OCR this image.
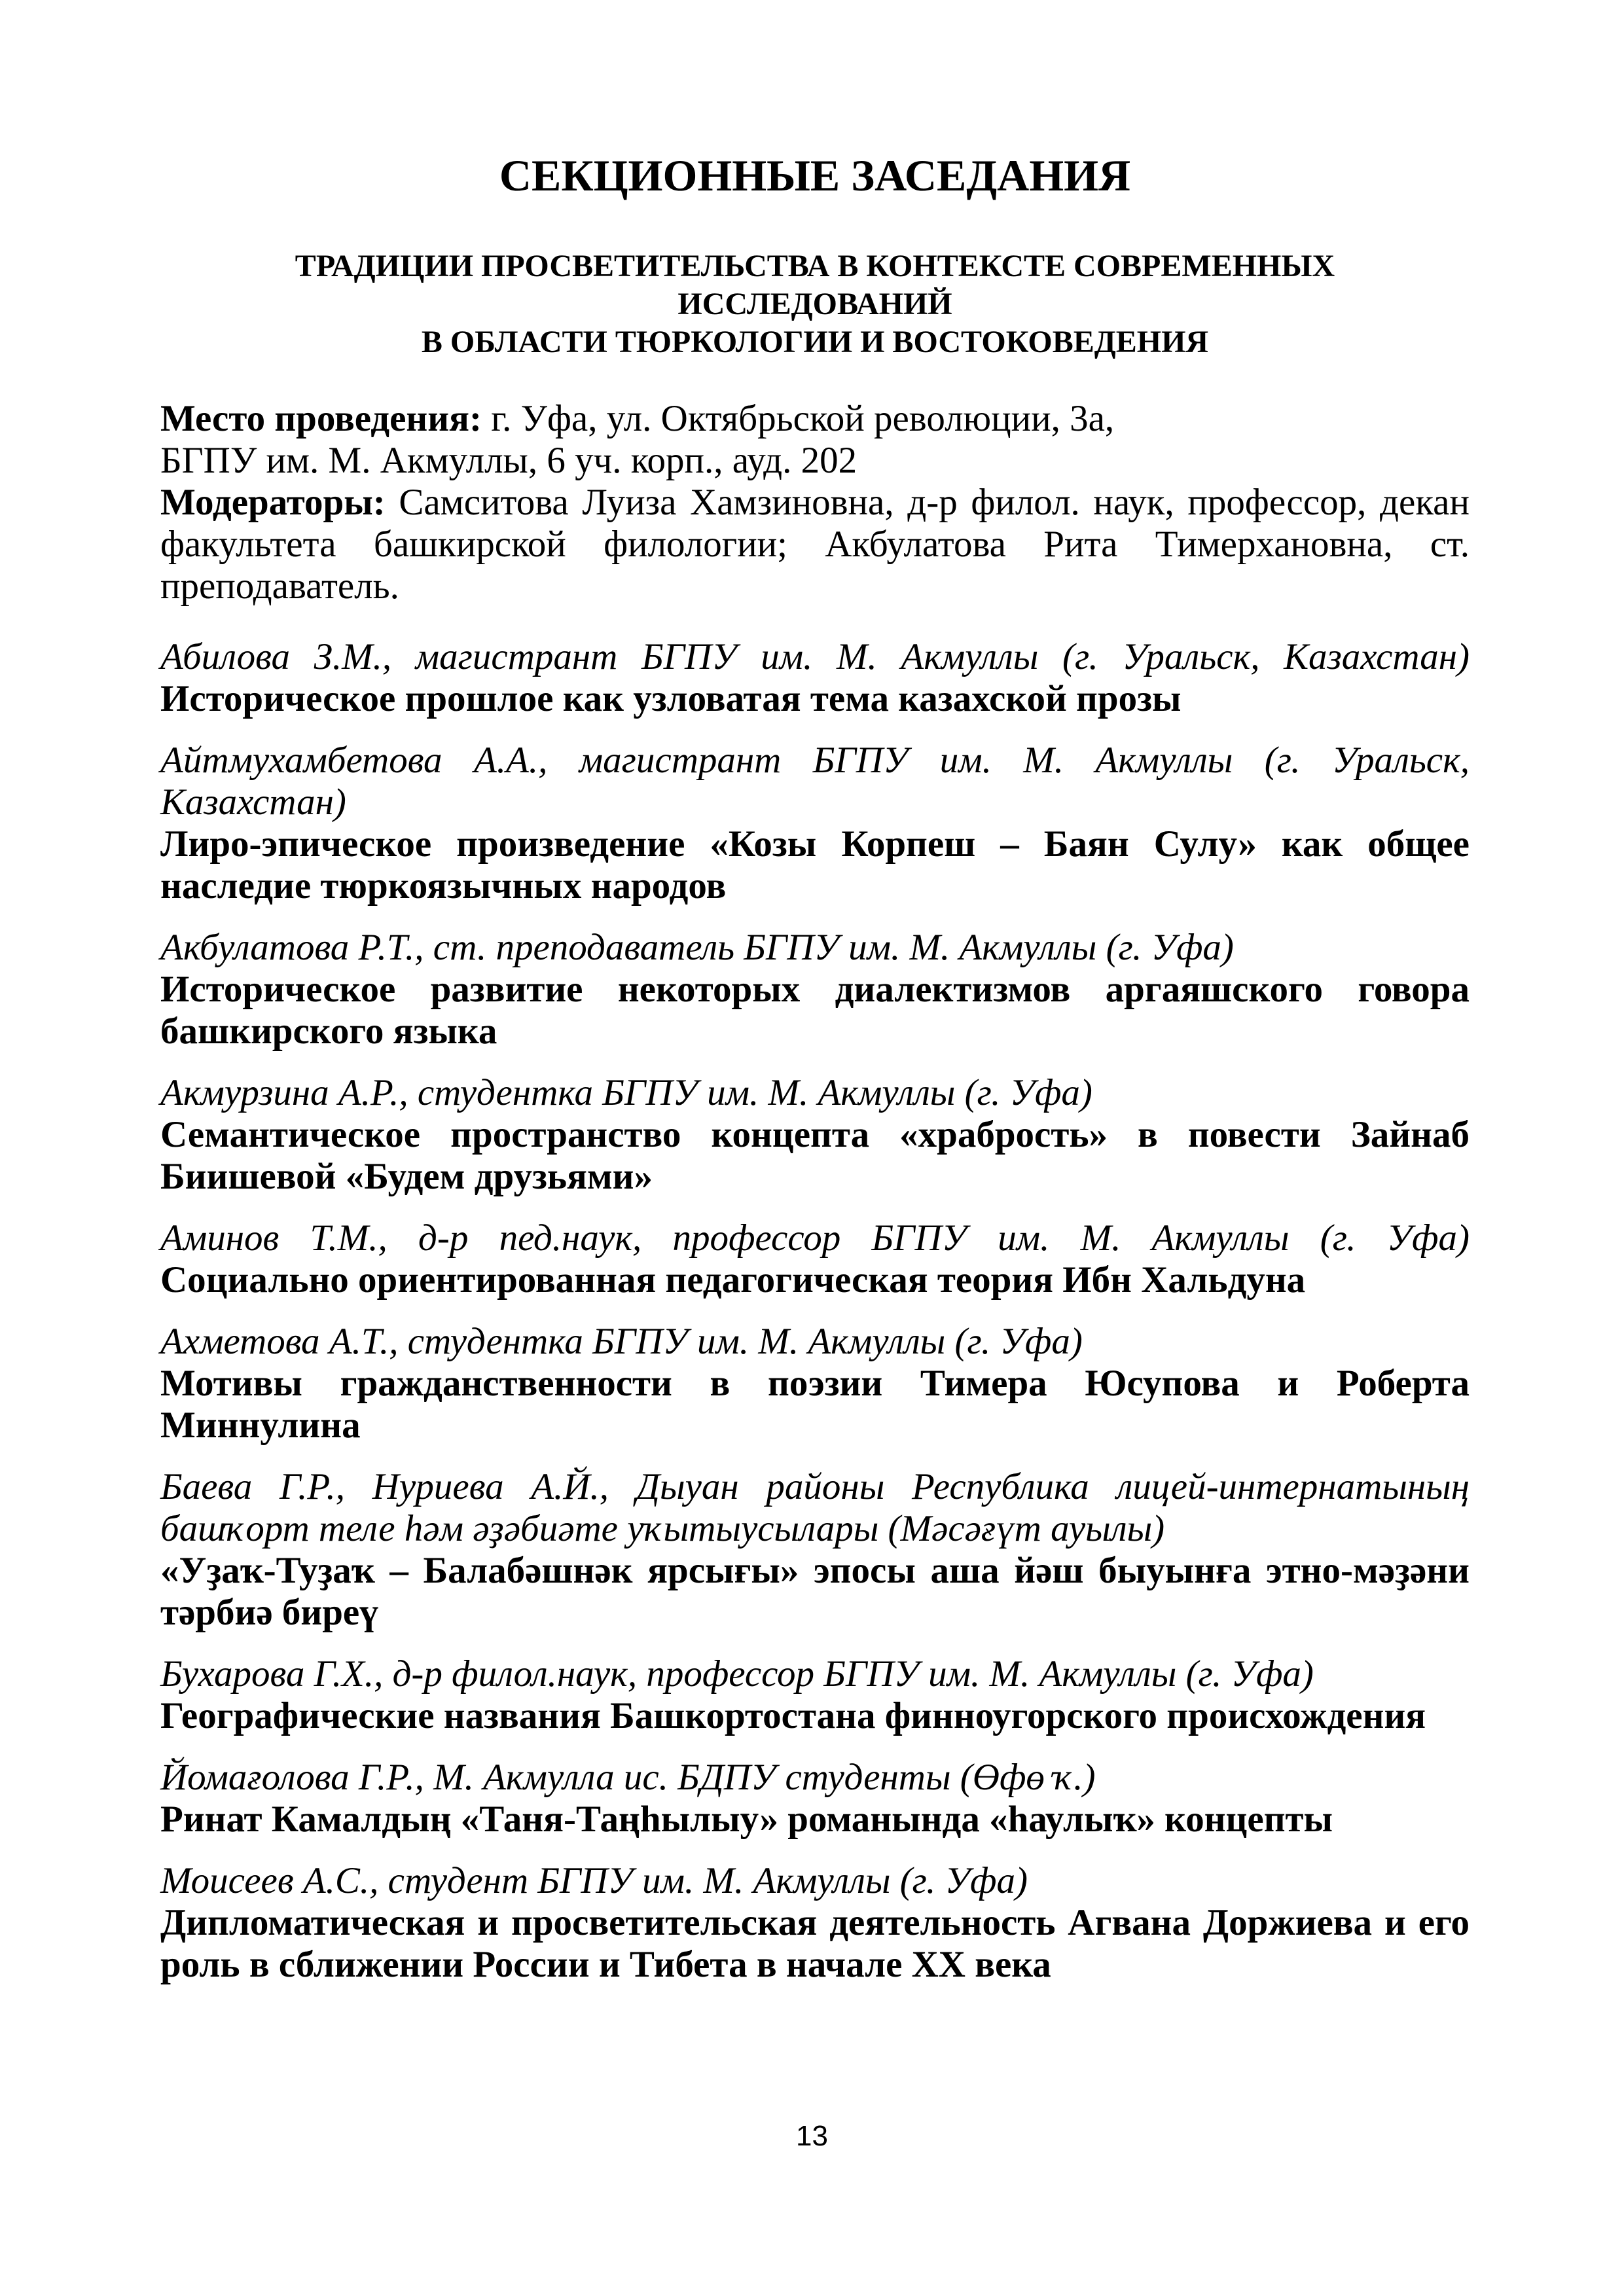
СЕКЦИОННЫЕ ЗАСЕДАНИЯ
ТРАДИЦИИ ПРОСВЕТИТЕЛЬСТВА В КОНТЕКСТЕ СОВРЕМЕННЫХ ИССЛЕДОВАНИЙ
В ОБЛАСТИ ТЮРКОЛОГИИ И ВОСТОКОВЕДЕНИЯ
Место проведения: г. Уфа, ул. Октябрьской революции, 3а,
БГПУ им. М. Акмуллы, 6 уч. корп., ауд. 202
Модераторы: Самситова Луиза Хамзиновна, д-р филол. наук, профессор, декан факультета башкирской филологии; Акбулатова Рита Тимерхановна, ст. преподаватель.
Абилова З.М., магистрант БГПУ им. М. Акмуллы (г. Уральск, Казахстан)
Историческое прошлое как узловатая тема казахской прозы
Айтмухамбетова А.А., магистрант БГПУ им. М. Акмуллы (г. Уральск, Казахстан)
Лиро-эпическое произведение «Козы Корпеш – Баян Сулу» как общее наследие тюркоязычных народов
Акбулатова Р.Т., ст. преподаватель БГПУ им. М. Акмуллы (г. Уфа)
Историческое развитие некоторых диалектизмов аргаяшского говора башкирского языка
Акмурзина А.Р., студентка БГПУ им. М. Акмуллы (г. Уфа)
Семантическое пространство концепта «храбрость» в повести Зайнаб Биишевой «Будем друзьями»
Аминов Т.М., д-р пед.наук, профессор БГПУ им. М. Акмуллы (г. Уфа)
Социально ориентированная педагогическая теория Ибн Хальдуна
Ахметова А.Т., студентка БГПУ им. М. Акмуллы (г. Уфа)
Мотивы гражданственности в поэзии Тимера Юсупова и Роберта Миннулина
Баева Г.Р., Нуриева А.Й., Дыуан районы Республика лицей-интернатының башҡорт теле һәм әҙәбиәте уҡытыусылары (Мәсәғүт ауылы)
«Уҙаҡ-Туҙаҡ – Балабәшнәк ярсығы» эпосы аша йәш быуынға этно-мәҙәни тәрбиә биреү
Бухарова Г.Х., д-р филол.наук, профессор БГПУ им. М. Акмуллы (г. Уфа)
Географические названия Башкортостана финноугорского происхождения
Йомағолова Г.Р., М. Акмулла ис. БДПУ студенты (Өфө ҡ.)
Ринат Камалдың «Таня-Таңһылыу» романында «һаулыҡ» концепты
Моисеев А.С., студент БГПУ им. М. Акмуллы (г. Уфа)
Дипломатическая и просветительская деятельность Агвана Доржиева и его роль в сближении России и Тибета в начале XX века
13
